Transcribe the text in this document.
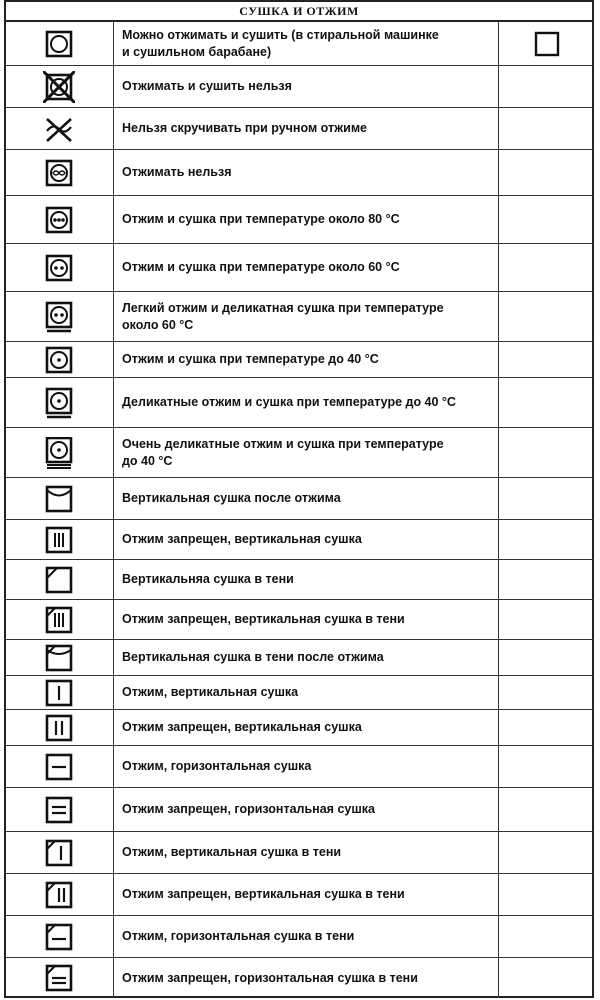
СУШКА И ОТЖИМ
Можно отжимать и сушить (в стиральной машинке
и сушильном барабане)
Отжимать и сушить нельзя
Нельзя скручивать при ручном отжиме
Отжимать нельзя
Отжим и сушка при температуре около 80 °С
Отжим и сушка при температуре около 60 °С
Легкий отжим и деликатная сушка при температуре
около 60 °С
Отжим и сушка при температуре до 40 °С
Деликатные отжим и сушка при температуре до 40 °С
Очень деликатные отжим и сушка при температуре
до 40 °С
Вертикальная сушка после отжима
Отжим запрещен, вертикальная сушка
Вертикальняа сушка в тени
Отжим запрещен, вертикальная сушка в тени
Вертикальная сушка в тени после отжима
Отжим, вертикальная сушка
Отжим запрещен, вертикальная сушка
Отжим, горизонтальная сушка
Отжим запрещен, горизонтальная сушка
Отжим, вертикальная сушка в тени
Отжим запрещен, вертикальная сушка в тени
Отжим, горизонтальная сушка в тени
Отжим запрещен, горизонтальная сушка в тени
